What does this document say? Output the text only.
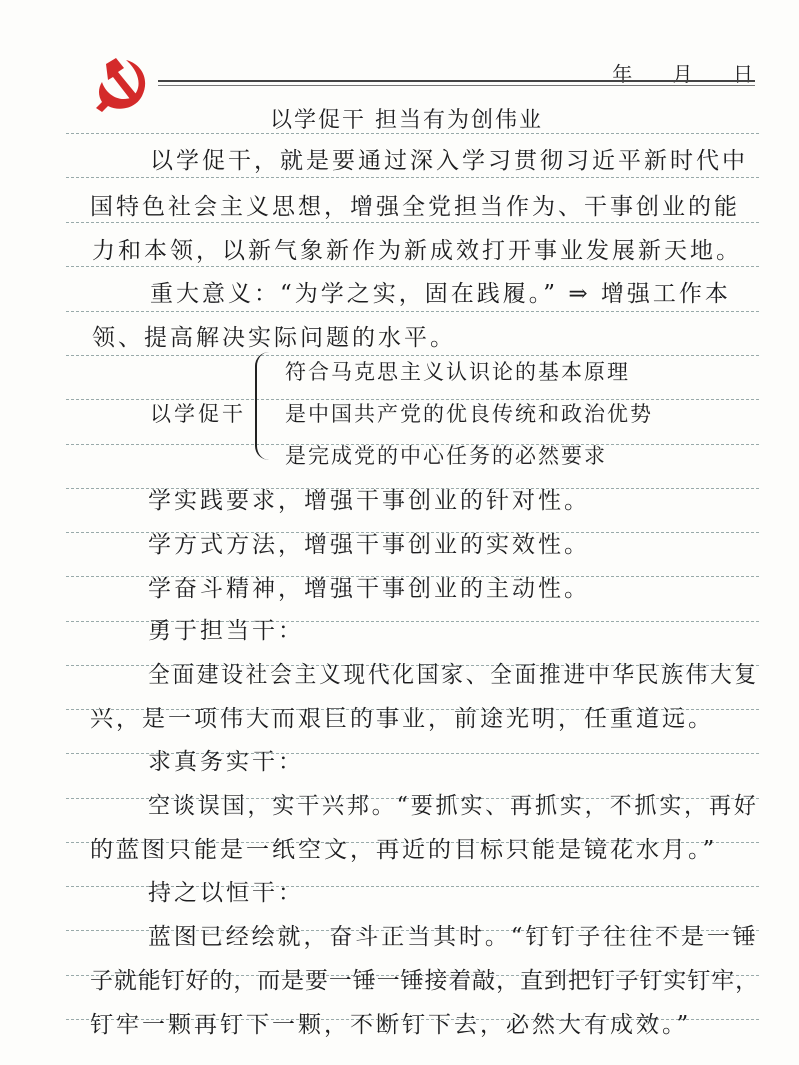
年 月 日
以学促干 担当有为创伟业
以学促干，就是要通过深入学习贯彻习近平新时代中
国特色社会主义思想，增强全党担当作为、干事创业的能
力和本领，以新气象新作为新成效打开事业发展新天地。
重大意义：“为学之实，固在践履。” ⇒ 增强工作本
领、提高解决实际问题的水平。
以学促干
符合马克思主义认识论的基本原理
是中国共产党的优良传统和政治优势
是完成党的中心任务的必然要求
学实践要求，增强干事创业的针对性。
学方式方法，增强干事创业的实效性。
学奋斗精神，增强干事创业的主动性。
勇于担当干：
全面建设社会主义现代化国家、全面推进中华民族伟大复
兴，是一项伟大而艰巨的事业，前途光明，任重道远。
求真务实干：
空谈误国，实干兴邦。“要抓实、再抓实，不抓实，再好
的蓝图只能是一纸空文，再近的目标只能是镜花水月。”
持之以恒干：
蓝图已经绘就，奋斗正当其时。“钉钉子往往不是一锤
子就能钉好的，而是要一锤一锤接着敲，直到把钉子钉实钉牢，
钉牢一颗再钉下一颗，不断钉下去，必然大有成效。”
